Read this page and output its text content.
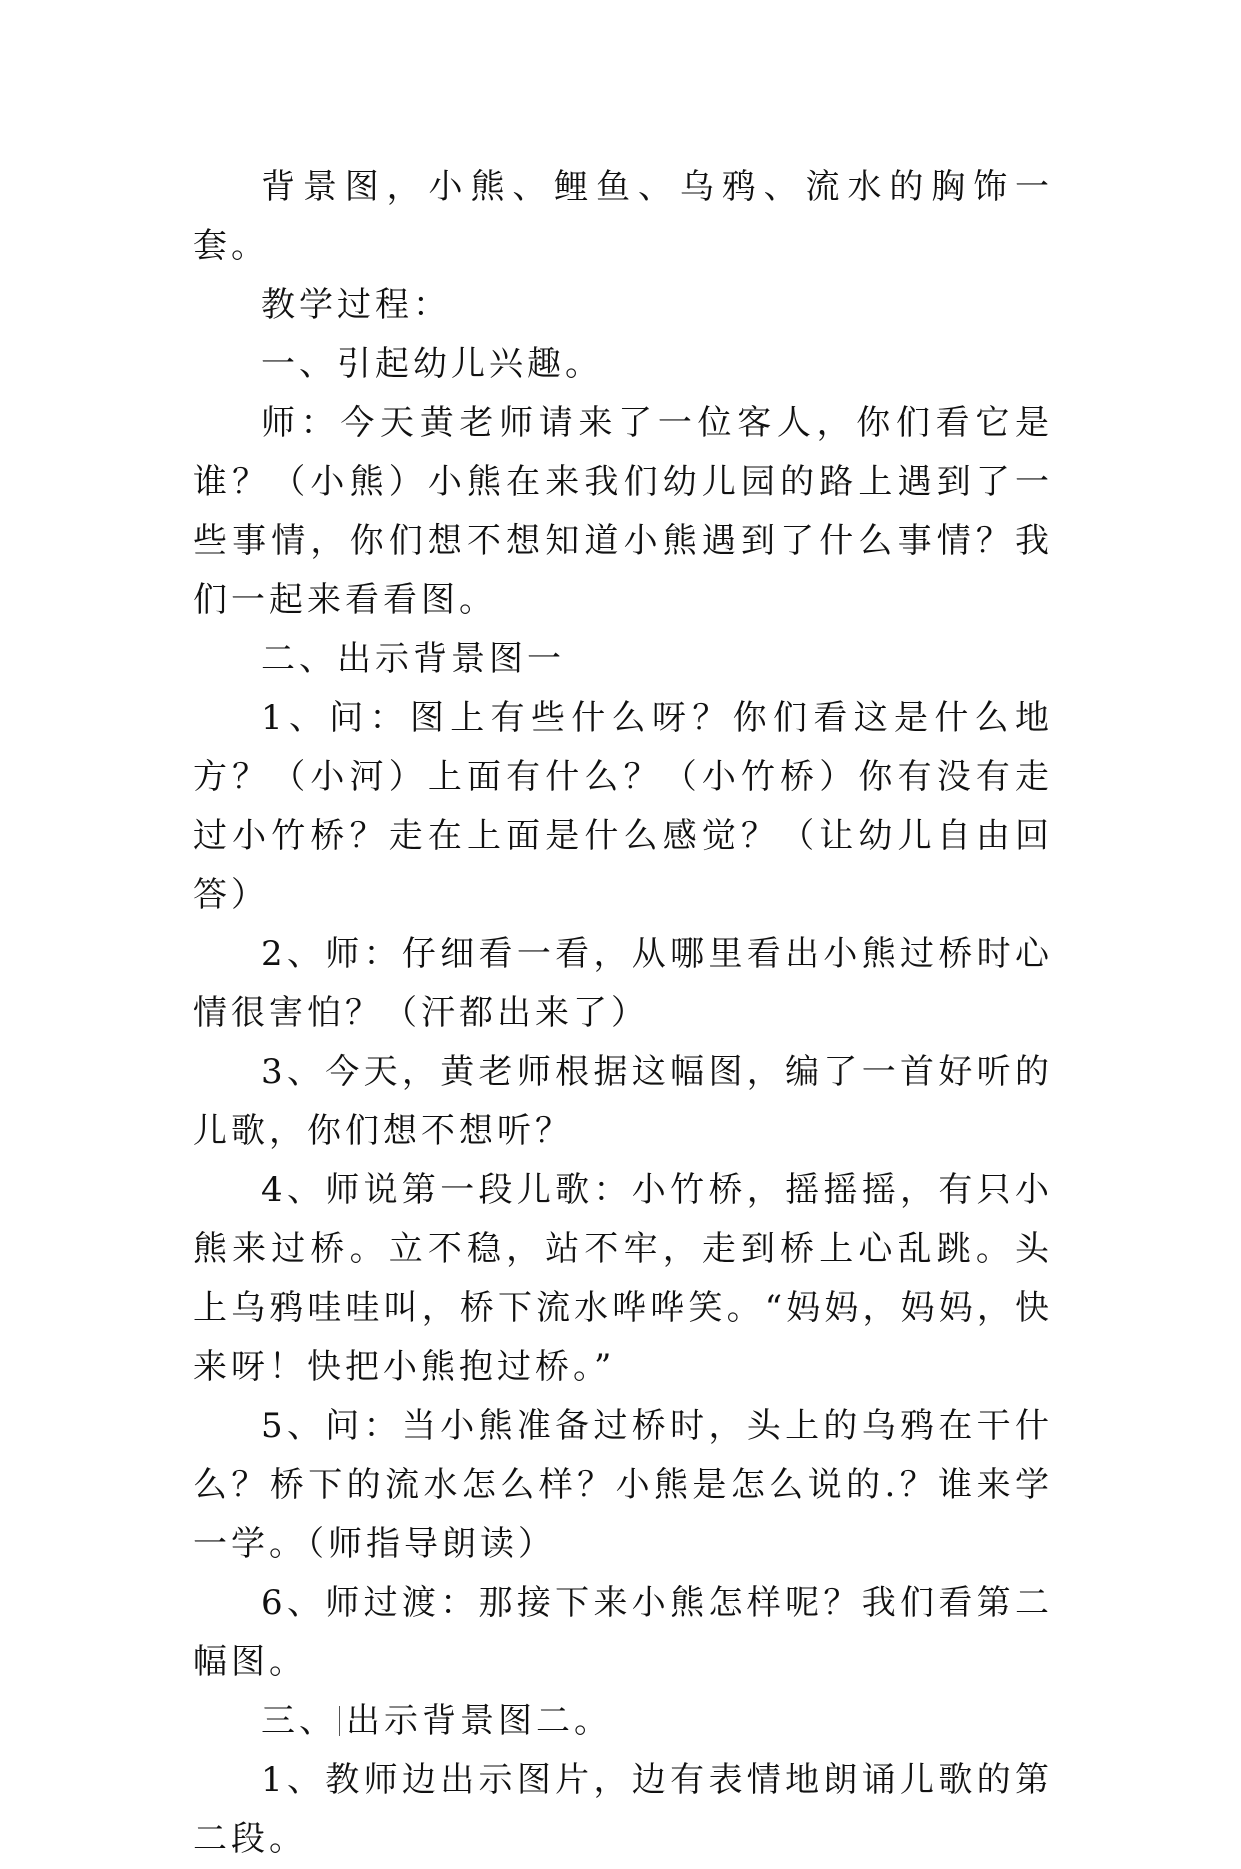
背景图，小熊、鲤鱼、乌鸦、流水的胸饰一套。

教学过程：

一、引起幼儿兴趣。

师：今天黄老师请来了一位客人，你们看它是谁？（小熊）小熊在来我们幼儿园的路上遇到了一些事情，你们想不想知道小熊遇到了什么事情？我们一起来看看图。

二、出示背景图一

1、问：图上有些什么呀？你们看这是什么地方？（小河）上面有什么？（小竹桥）你有没有走过小竹桥？走在上面是什么感觉？（让幼儿自由回答）

2、师：仔细看一看，从哪里看出小熊过桥时心情很害怕？（汗都出来了）

3、今天，黄老师根据这幅图，编了一首好听的儿歌，你们想不想听？

4、师说第一段儿歌：小竹桥，摇摇摇，有只小熊来过桥。立不稳，站不牢，走到桥上心乱跳。头上乌鸦哇哇叫，桥下流水哗哗笑。“妈妈，妈妈，快来呀！快把小熊抱过桥。”

5、问：当小熊准备过桥时，头上的乌鸦在干什么？桥下的流水怎么样？小熊是怎么说的.？谁来学一学。（师指导朗读）

6、师过渡：那接下来小熊怎样呢？我们看第二幅图。

三、 出示背景图二。

1、教师边出示图片，边有表情地朗诵儿歌的第二段。
